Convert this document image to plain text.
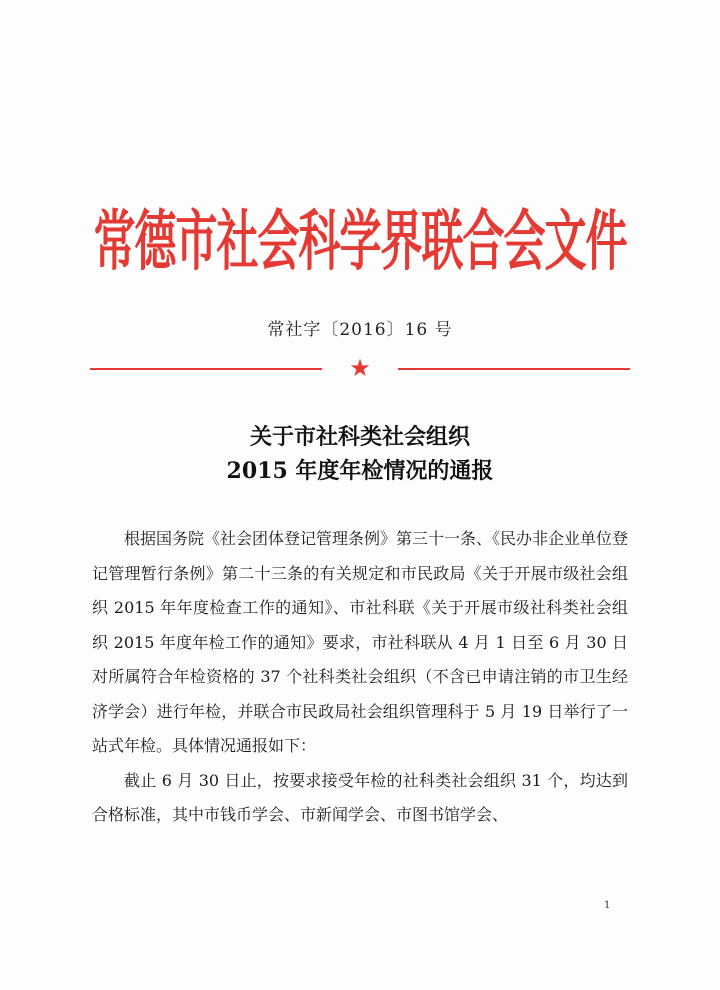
常德市社会科学界联合会文件
常社字〔2016〕16 号
★
关于市社科类社会组织
2015 年度年检情况的通报

根据国务院《社会团体登记管理条例》第三十一条、《民办非企业单位登记管理暂行条例》第二十三条的有关规定和市民政局《关于开展市级社会组织 2015 年年度检查工作的通知》、市社科联《关于开展市级社科类社会组织 2015 年度年检工作的通知》要求，市社科联从 4 月 1 日至 6 月 30 日对所属符合年检资格的 37 个社科类社会组织（不含已申请注销的市卫生经济学会）进行年检，并联合市民政局社会组织管理科于 5 月 19 日举行了一站式年检。具体情况通报如下：

截止 6 月 30 日止，按要求接受年检的社科类社会组织 31 个，均达到合格标准，其中市钱币学会、市新闻学会、市图书馆学会、

1
